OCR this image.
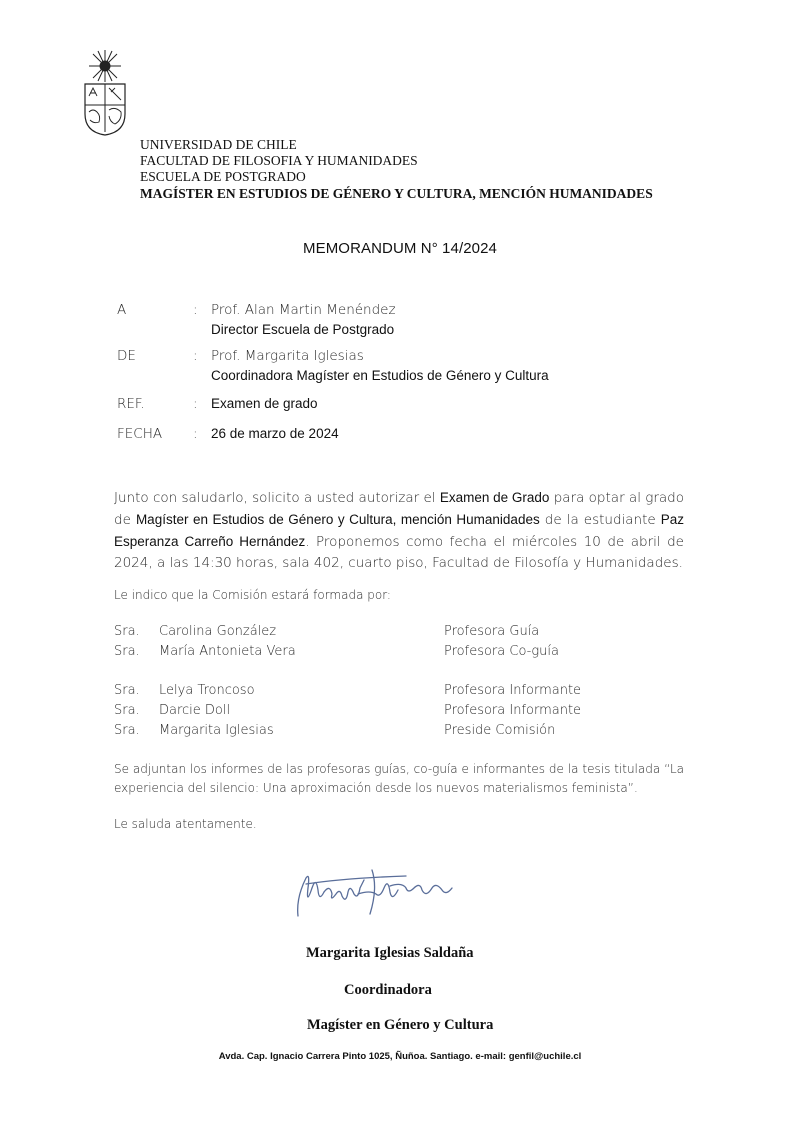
UNIVERSIDAD DE CHILE
FACULTAD DE FILOSOFIA Y HUMANIDADES
ESCUELA DE POSTGRADO
MAGÍSTER EN ESTUDIOS DE GÉNERO Y CULTURA, MENCIÓN HUMANIDADES
MEMORANDUM N° 14/2024
A	: Prof. Alan Martin Menéndez
Director Escuela de Postgrado
DE	: Prof. Margarita Iglesias
Coordinadora Magíster en Estudios de Género y Cultura
REF.	: Examen de grado
FECHA : 26 de marzo de 2024
Junto con saludarlo, solicito a usted autorizar el Examen de Grado para optar al grado de Magíster en Estudios de Género y Cultura, mención Humanidades de la estudiante Paz Esperanza Carreño Hernández. Proponemos como fecha el miércoles 10 de abril de 2024, a las 14:30 horas, sala 402, cuarto piso, Facultad de Filosofía y Humanidades.
Le indico que la Comisión estará formada por:
Sra. Carolina González	Profesora Guía
Sra. María Antonieta Vera	Profesora Co-guía
Sra. Lelya Troncoso	Profesora Informante
Sra. Darcie Doll	Profesora Informante
Sra. Margarita Iglesias	Preside Comisión
Se adjuntan los informes de las profesoras guías, co-guía e informantes de la tesis titulada “La experiencia del silencio: Una aproximación desde los nuevos materialismos feminista”.
Le saluda atentamente.
Margarita Iglesias Saldaña
Coordinadora
Magíster en Género y Cultura
Avda. Cap. Ignacio Carrera Pinto 1025, Ñuñoa. Santiago. e-mail: genfil@uchile.cl
